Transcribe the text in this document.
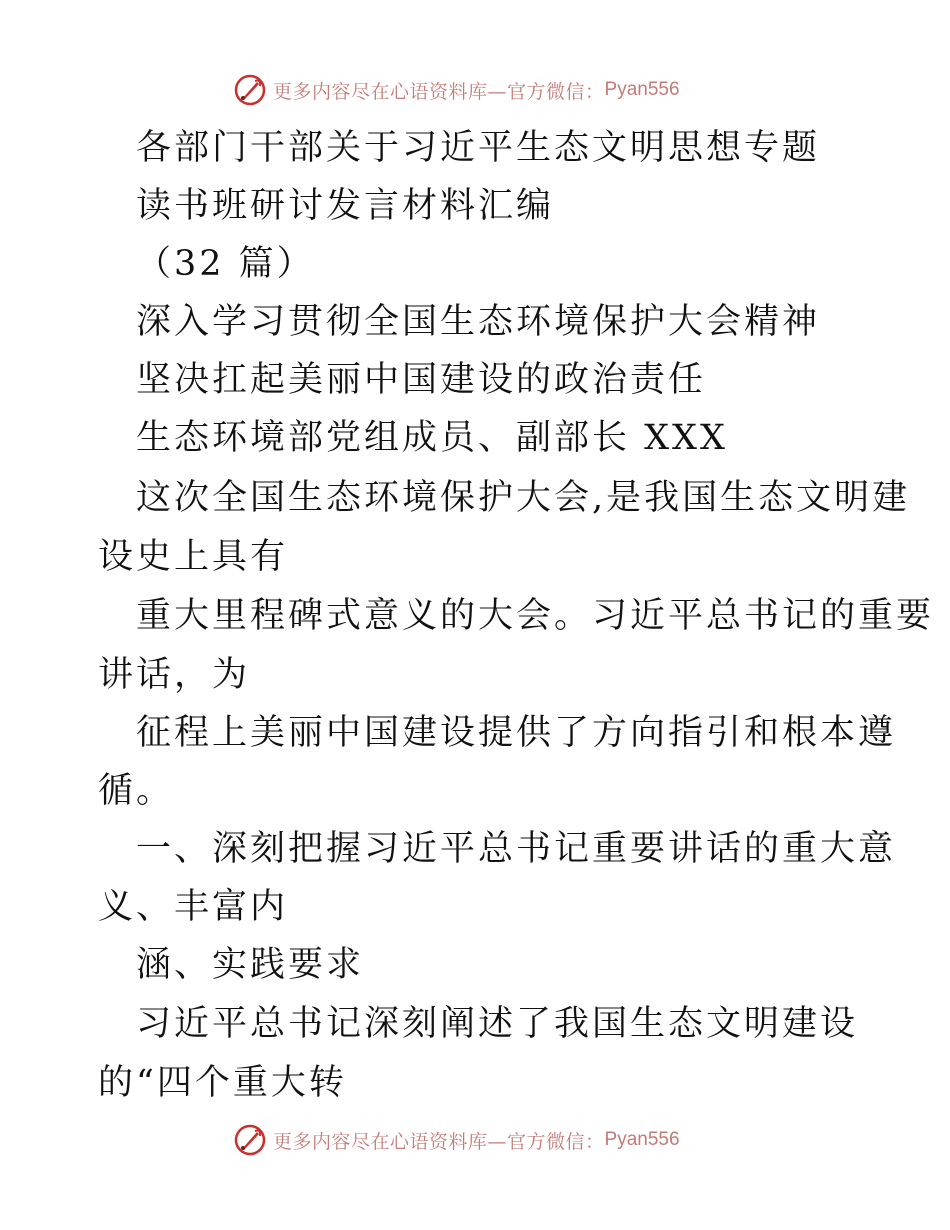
更多内容尽在心语资料库—官方微信： Pyan556
各部门干部关于习近平生态文明思想专题
读书班研讨发言材料汇编
（32 篇）
深入学习贯彻全国生态环境保护大会精神
坚决扛起美丽中国建设的政治责任
生态环境部党组成员、副部长 XXX
这次全国生态环境保护大会,是我国生态文明建
设史上具有
重大里程碑式意义的大会。习近平总书记的重要
讲话，为
征程上美丽中国建设提供了方向指引和根本遵
循。
一、深刻把握习近平总书记重要讲话的重大意
义、丰富内
涵、实践要求
习近平总书记深刻阐述了我国生态文明建设
的“四个重大转
更多内容尽在心语资料库—官方微信： Pyan556
